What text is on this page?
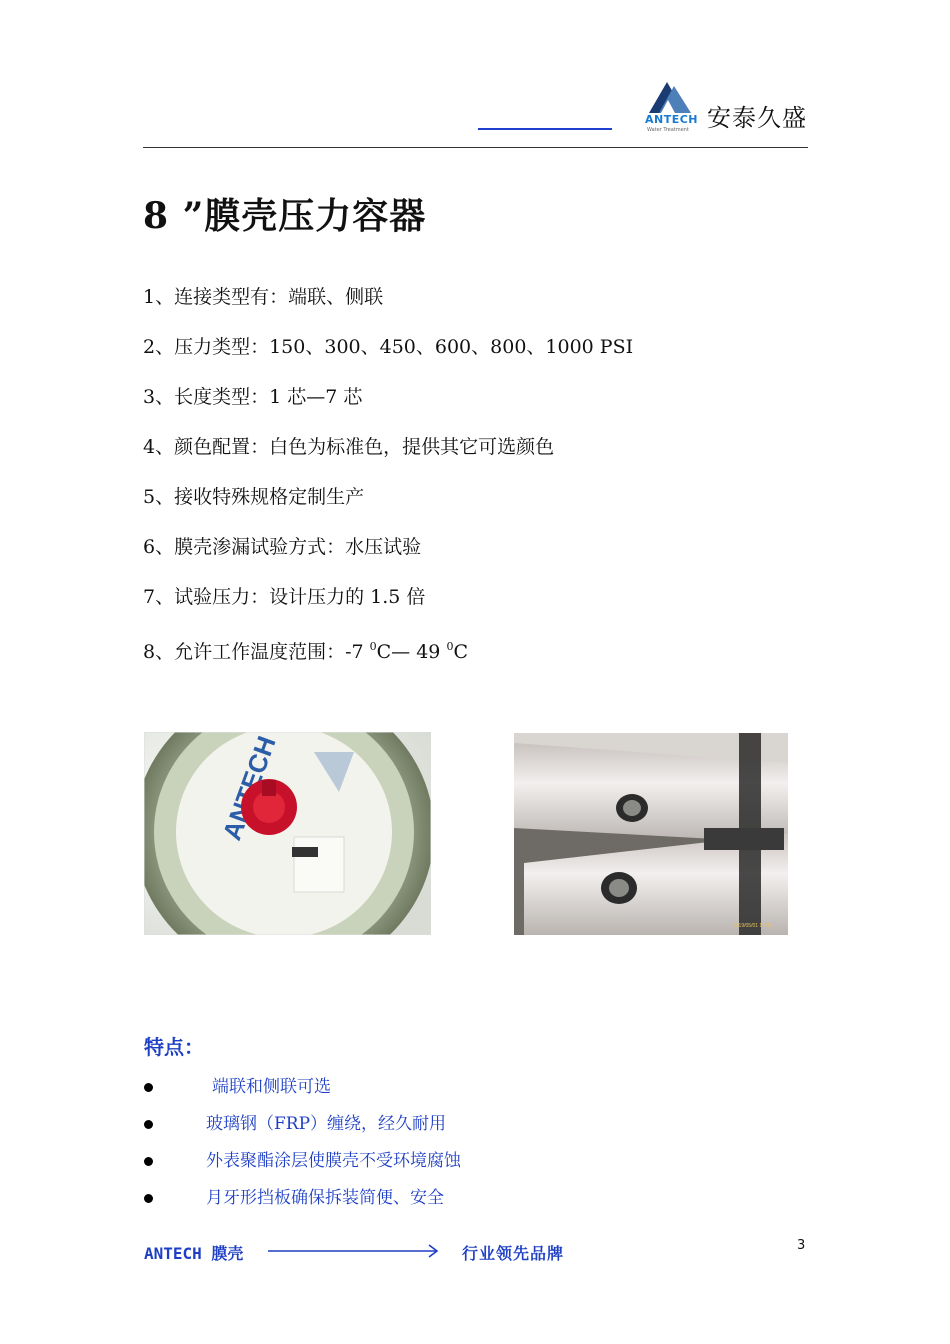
ANTECH
Water Treatment 安泰久盛
8 ”膜壳压力容器
1、连接类型有：端联、侧联
2、压力类型：150、300、450、600、800、1000 PSI
3、长度类型：1 芯—7 芯
4、颜色配置：白色为标准色，提供其它可选颜色
5、接收特殊规格定制生产
6、膜壳渗漏试验方式：水压试验
7、试验压力：设计压力的 1.5 倍
8、允许工作温度范围：-7 $^0$C— 49 $^0$C
2019/05/01 17:08
特点：
端联和侧联可选
玻璃钢（FRP）缠绕，经久耐用
外表聚酯涂层使膜壳不受环境腐蚀
月牙形挡板确保拆装简便、安全
ANTECH 膜壳	行业领先品牌	3
